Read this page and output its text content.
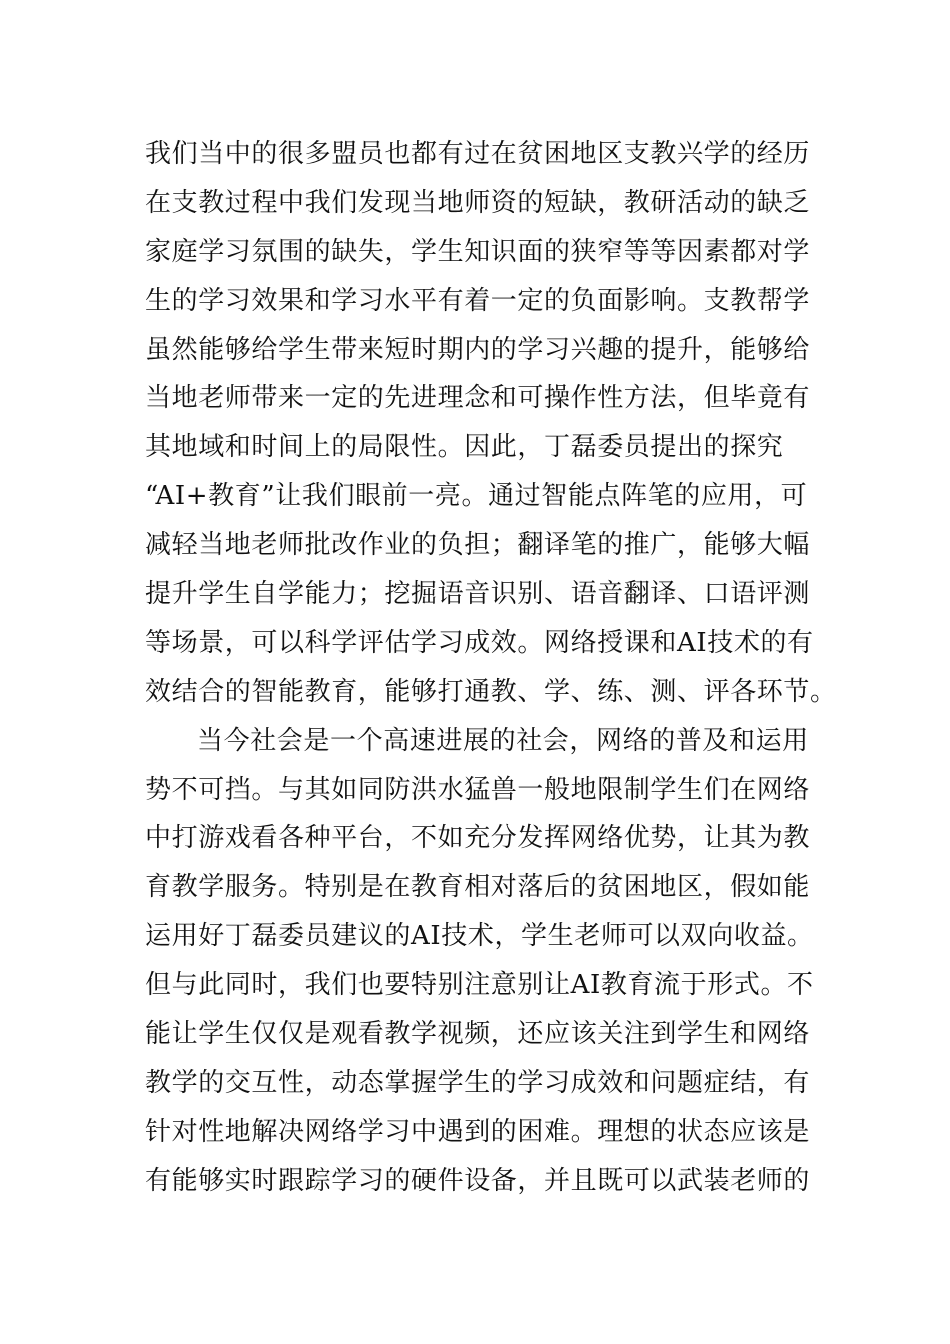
我们当中的很多盟员也都有过在贫困地区支教兴学的经历
在支教过程中我们发现当地师资的短缺，教研活动的缺乏
家庭学习氛围的缺失，学生知识面的狭窄等等因素都对学
生的学习效果和学习水平有着一定的负面影响。支教帮学
虽然能够给学生带来短时期内的学习兴趣的提升，能够给
当地老师带来一定的先进理念和可操作性方法，但毕竟有
其地域和时间上的局限性。因此，丁磊委员提出的探究
“AI+教育”让我们眼前一亮。通过智能点阵笔的应用，可
减轻当地老师批改作业的负担；翻译笔的推广，能够大幅
提升学生自学能力；挖掘语音识别、语音翻译、口语评测
等场景，可以科学评估学习成效。网络授课和AI技术的有
效结合的智能教育，能够打通教、学、练、测、评各环节。
当今社会是一个高速进展的社会，网络的普及和运用
势不可挡。与其如同防洪水猛兽一般地限制学生们在网络
中打游戏看各种平台，不如充分发挥网络优势，让其为教
育教学服务。特别是在教育相对落后的贫困地区，假如能
运用好丁磊委员建议的AI技术，学生老师可以双向收益。
但与此同时，我们也要特别注意别让AI教育流于形式。不
能让学生仅仅是观看教学视频，还应该关注到学生和网络
教学的交互性，动态掌握学生的学习成效和问题症结，有
针对性地解决网络学习中遇到的困难。理想的状态应该是
有能够实时跟踪学习的硬件设备，并且既可以武装老师的
